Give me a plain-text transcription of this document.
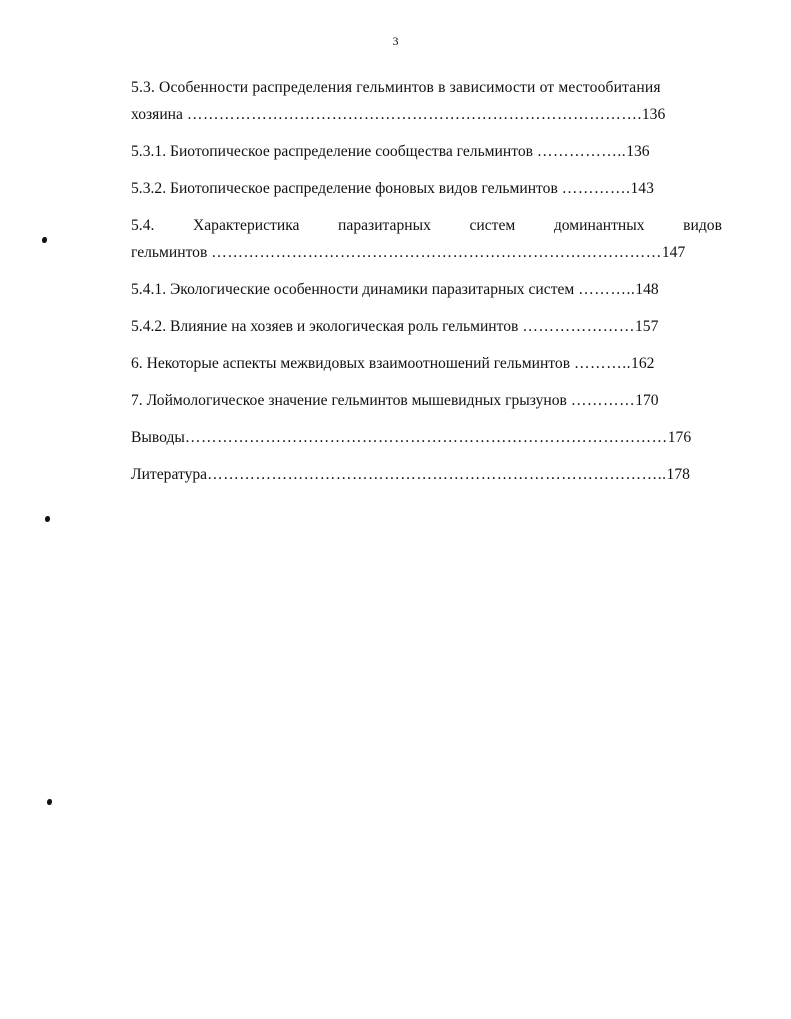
3
5.3. Особенности распределения гельминтов в зависимости от местообитания
хозяина ………………………………………………………………………….136
5.3.1. Биотопическое распределение сообщества гельминтов ……………..136
5.3.2. Биотопическое распределение фоновых видов гельминтов ………….143
5.4. Характеристика паразитарных систем доминантных видов
гельминтов …………………………………………………………………………147
5.4.1. Экологические особенности динамики паразитарных систем ………..148
5.4.2. Влияние на хозяев и экологическая роль гельминтов …………………157
6. Некоторые аспекты межвидовых взаимоотношений гельминтов ………..162
7. Лоймологическое значение гельминтов мышевидных грызунов …………170
Выводы………………………………………………………………………………176
Литература…………………………………………………………………………..178
